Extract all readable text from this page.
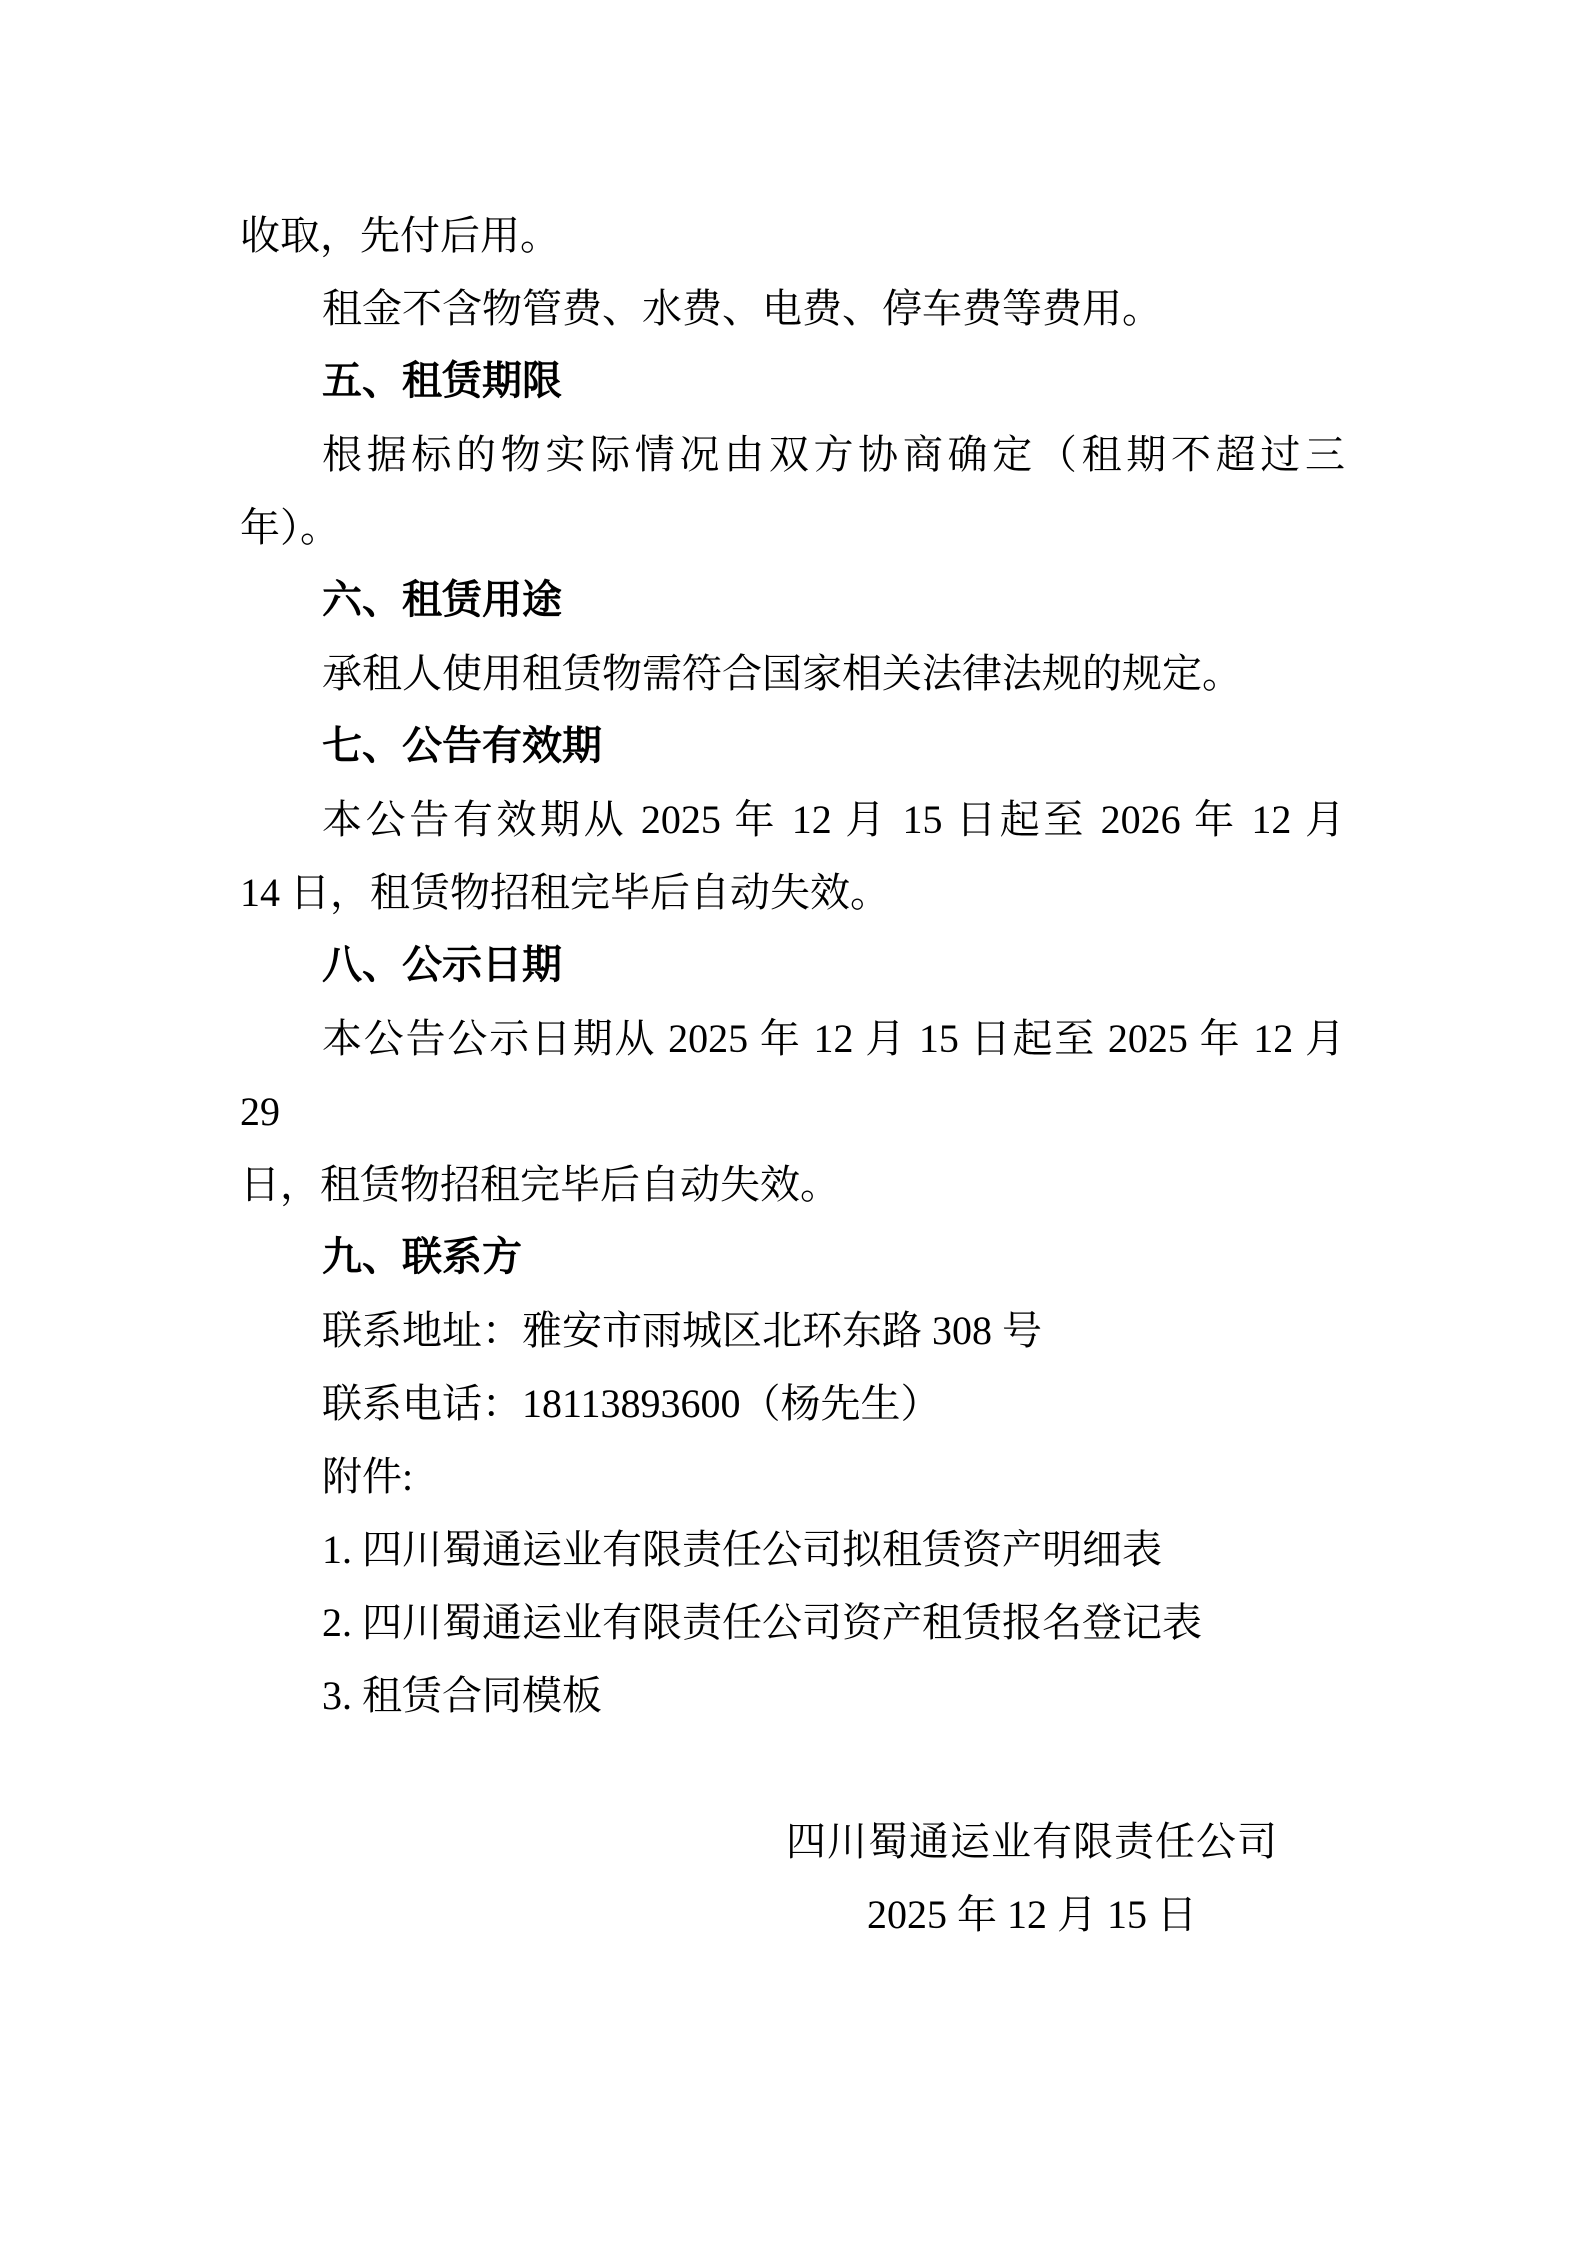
收取，先付后用。
租金不含物管费、水费、电费、停车费等费用。
五、租赁期限
根据标的物实际情况由双方协商确定（租期不超过三
年）。
六、租赁用途
承租人使用租赁物需符合国家相关法律法规的规定。
七、公告有效期
本公告有效期从 2025 年 12 月 15 日起至 2026 年 12 月
14 日，租赁物招租完毕后自动失效。
八、公示日期
本公告公示日期从 2025 年 12 月 15 日起至 2025 年 12 月 29
日，租赁物招租完毕后自动失效。
九、联系方
联系地址：雅安市雨城区北环东路 308 号
联系电话：18113893600（杨先生）
附件:
1. 四川蜀通运业有限责任公司拟租赁资产明细表
2. 四川蜀通运业有限责任公司资产租赁报名登记表
3. 租赁合同模板
四川蜀通运业有限责任公司
2025 年 12 月 15 日
